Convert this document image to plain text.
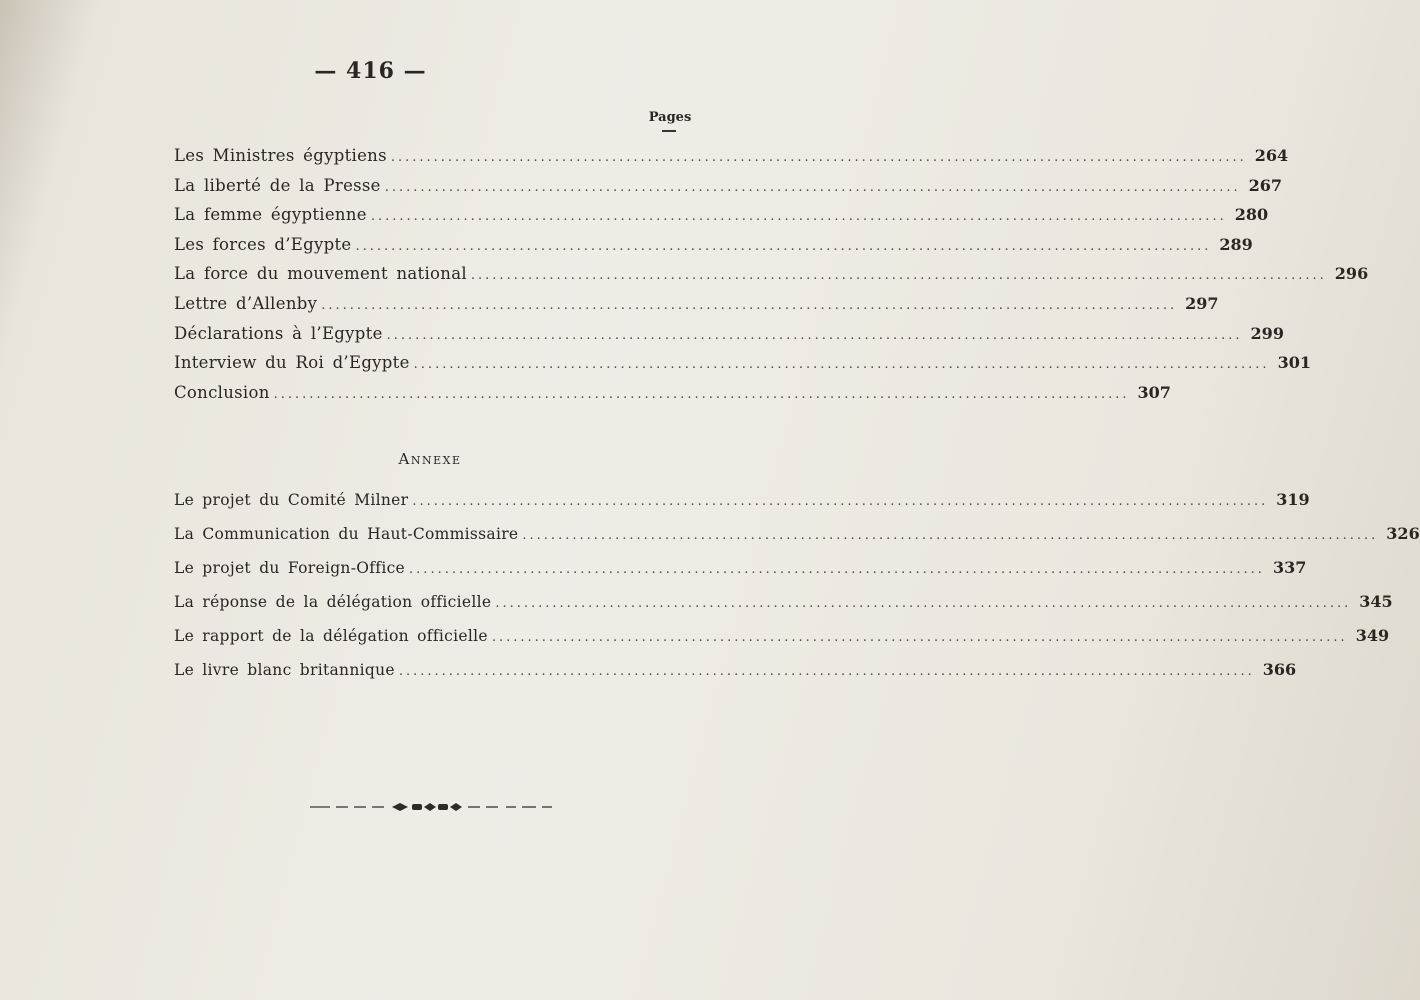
— 416 —
Pages
Les Ministres égyptiens ........................................................................................................................ 264
La liberté de la Presse ........................................................................................................................ 267
La femme égyptienne ........................................................................................................................ 280
Les forces d’Egypte ........................................................................................................................ 289
La force du mouvement national ........................................................................................................................ 296
Lettre d’Allenby ........................................................................................................................ 297
Déclarations à l’Egypte ........................................................................................................................ 299
Interview du Roi d’Egypte ........................................................................................................................ 301
Conclusion ........................................................................................................................ 307
Annexe
Le projet du Comité Milner ........................................................................................................................ 319
La Communication du Haut-Commissaire ........................................................................................................................ 326
Le projet du Foreign-Office ........................................................................................................................ 337
La réponse de la délégation officielle ........................................................................................................................ 345
Le rapport de la délégation officielle ........................................................................................................................ 349
Le livre blanc britannique ........................................................................................................................ 366
